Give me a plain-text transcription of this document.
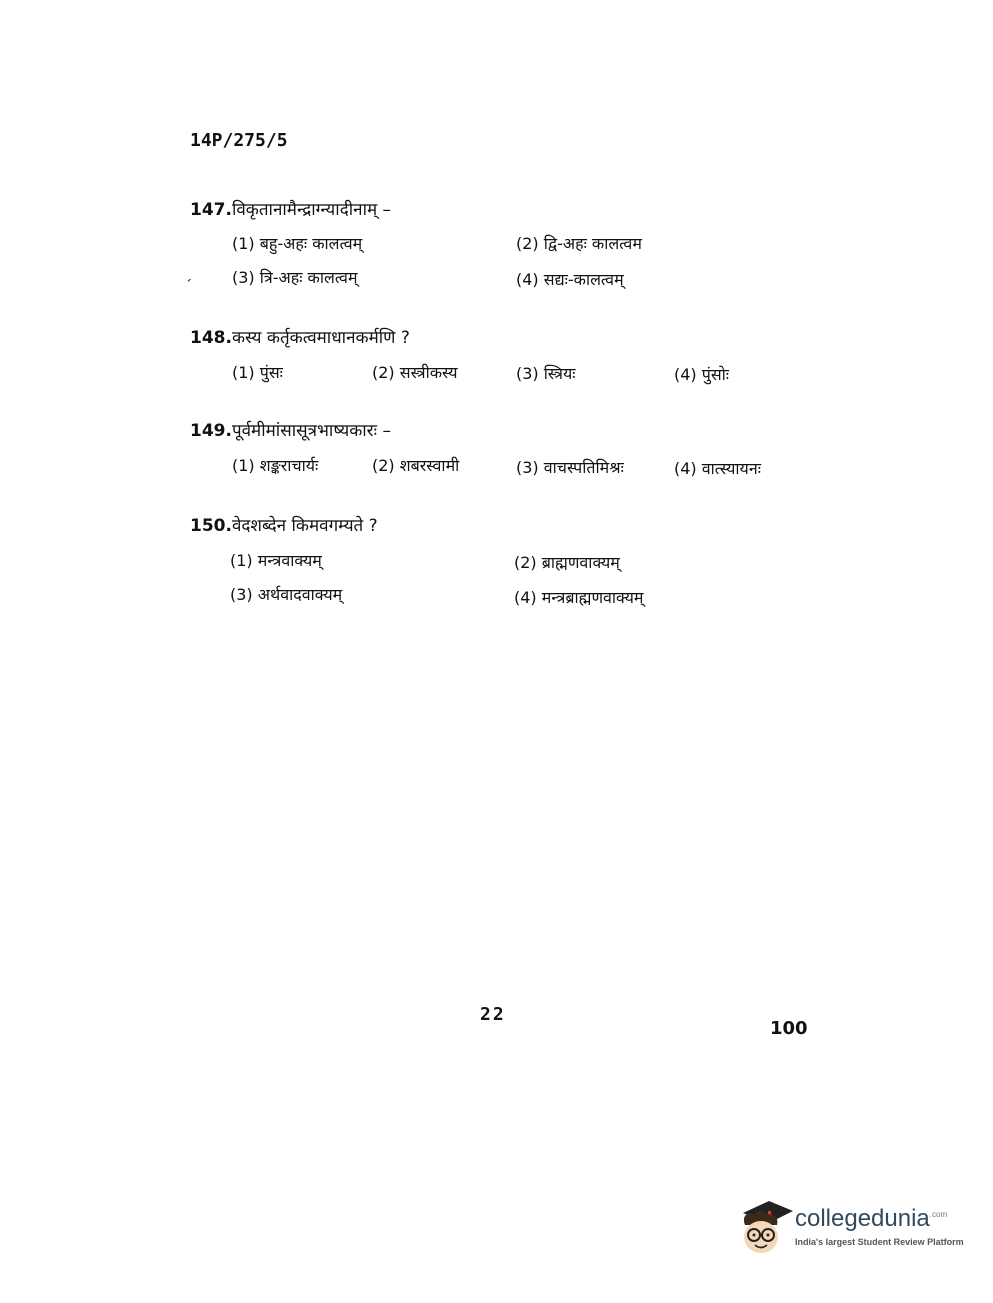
14P/275/5
147.विकृतानामैन्द्राग्न्यादीनाम् –
(1) बहु-अहः कालत्वम्	(2) द्वि-अहः कालत्वम
(3) त्रि-अहः कालत्वम्	(4) सद्यः-कालत्वम्
‘
148.कस्य कर्तृकत्वमाधानकर्मणि ?
(1) पुंसः	(2) सस्त्रीकस्य	(3) स्त्रियः	(4) पुंसोः
149.पूर्वमीमांसासूत्रभाष्यकारः –
(1) शङ्कराचार्यः	(2) शबरस्वामी	(3) वाचस्पतिमिश्रः	(4) वात्स्यायनः
150.वेदशब्देन किमवगम्यते ?
(1) मन्त्रवाक्यम्	(2) ब्राह्मणवाक्यम्
(3) अर्थवादवाक्यम्	(4) मन्त्रब्राह्मणवाक्यम्
22
100
collegedunia$^{.com}$
India's largest Student Review Platform
